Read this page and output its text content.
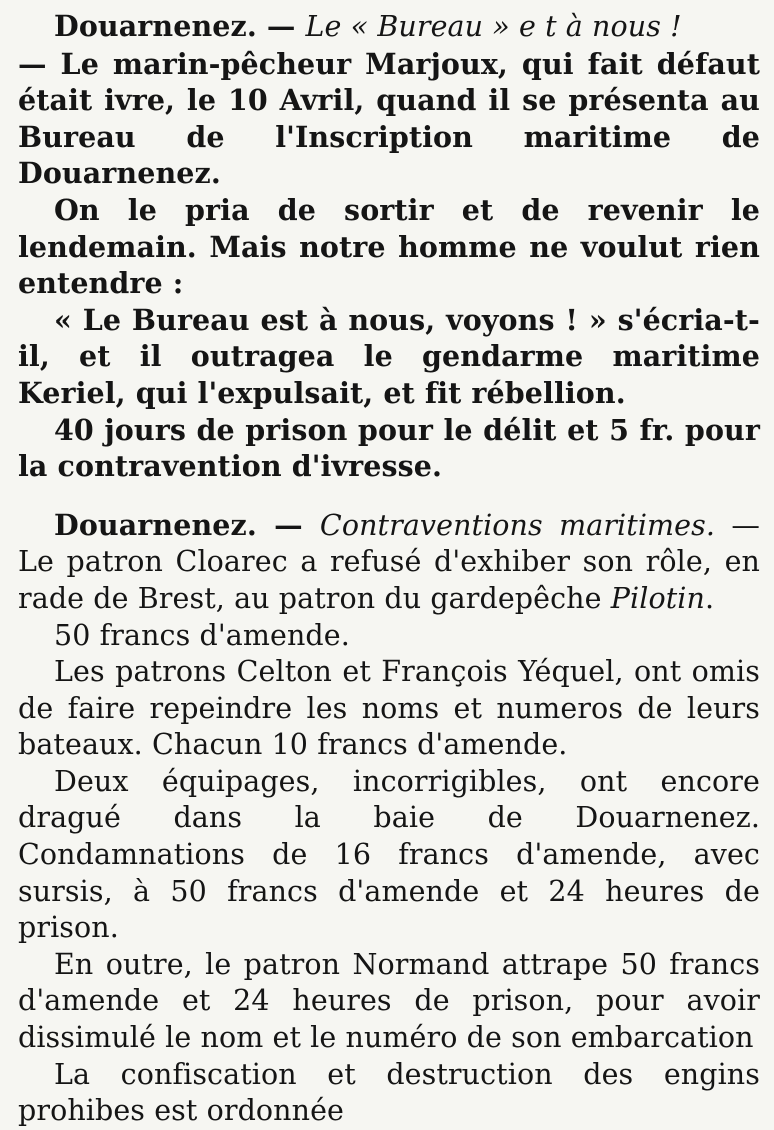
Douarnenez. — Le « Bureau » e t à nous !

— Le marin-pêcheur Marjoux, qui fait défaut était ivre, le 10 Avril, quand il se présenta au Bureau de l'Inscription maritime de Douarnenez.

On le pria de sortir et de revenir le lendemain. Mais notre homme ne voulut rien entendre :

« Le Bureau est à nous, voyons ! » s'écria-t-il, et il outragea le gendarme maritime Keriel, qui l'expulsait, et fit rébellion.

40 jours de prison pour le délit et 5 fr. pour la contravention d'ivresse.

Douarnenez. — Contraventions maritimes. — Le patron Cloarec a refusé d'exhiber son rôle, en rade de Brest, au patron du gardepêche Pilotin.

50 francs d'amende.

Les patrons Celton et François Yéquel, ont omis de faire repeindre les noms et numeros de leurs bateaux. Chacun 10 francs d'amende.

Deux équipages, incorrigibles, ont encore dragué dans la baie de Douarnenez. Condamnations de 16 francs d'amende, avec sursis, à 50 francs d'amende et 24 heures de prison.

En outre, le patron Normand attrape 50 francs d'amende et 24 heures de prison, pour avoir dissimulé le nom et le numéro de son embarcation

La confiscation et destruction des engins prohibes est ordonnée
